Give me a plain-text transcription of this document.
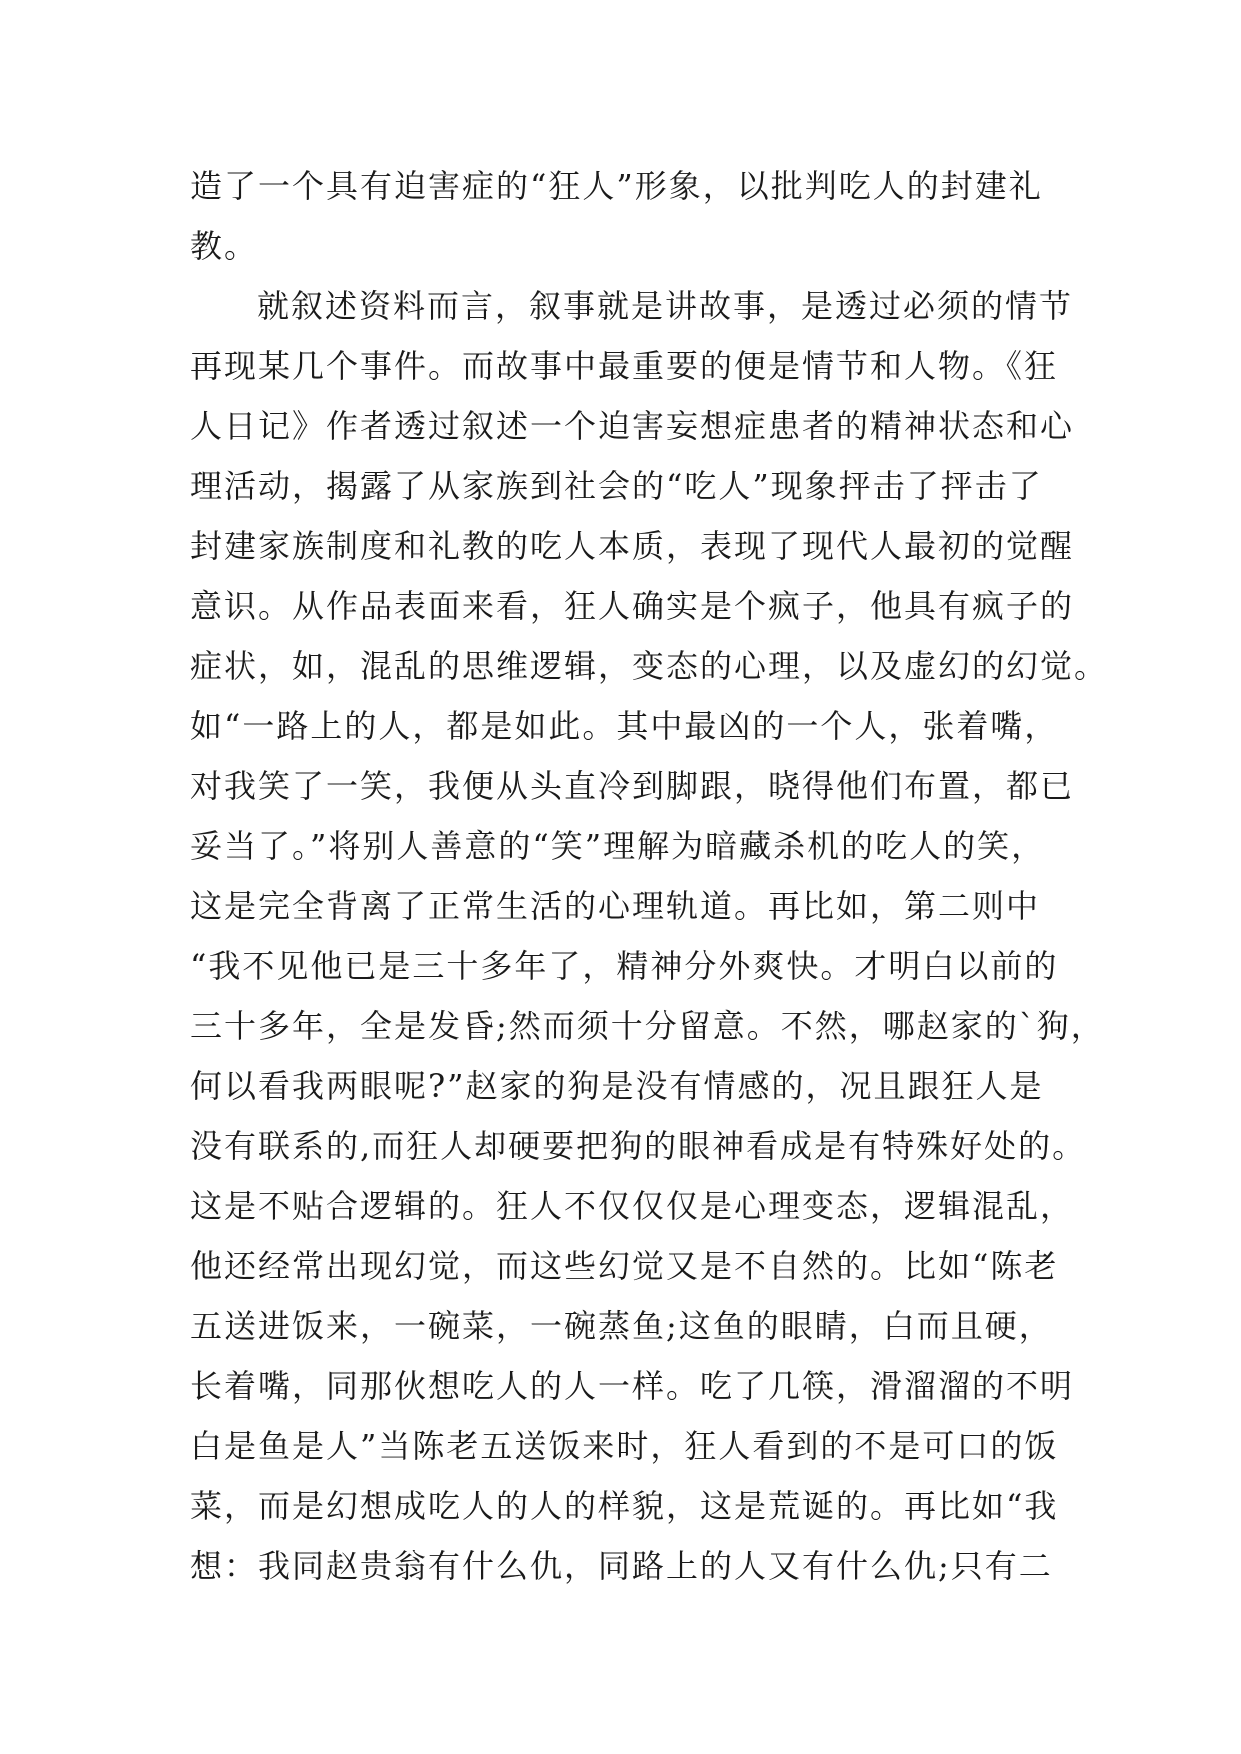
造了一个具有迫害症的“狂人”形象，以批判吃人的封建礼
教。
就叙述资料而言，叙事就是讲故事，是透过必须的情节
再现某几个事件。而故事中最重要的便是情节和人物。《狂
人日记》作者透过叙述一个迫害妄想症患者的精神状态和心
理活动，揭露了从家族到社会的“吃人”现象抨击了抨击了
封建家族制度和礼教的吃人本质，表现了现代人最初的觉醒
意识。从作品表面来看，狂人确实是个疯子，他具有疯子的
症状，如，混乱的思维逻辑，变态的心理，以及虚幻的幻觉。
如“一路上的人，都是如此。其中最凶的一个人，张着嘴，
对我笑了一笑，我便从头直冷到脚跟，晓得他们布置，都已
妥当了。”将别人善意的“笑”理解为暗藏杀机的吃人的笑，
这是完全背离了正常生活的心理轨道。再比如，第二则中
“我不见他已是三十多年了，精神分外爽快。才明白以前的
三十多年，全是发昏;然而须十分留意。不然，哪赵家的`狗，
何以看我两眼呢?”赵家的狗是没有情感的，况且跟狂人是
没有联系的,而狂人却硬要把狗的眼神看成是有特殊好处的。
这是不贴合逻辑的。狂人不仅仅仅是心理变态，逻辑混乱，
他还经常出现幻觉，而这些幻觉又是不自然的。比如“陈老
五送进饭来，一碗菜，一碗蒸鱼;这鱼的眼睛，白而且硬，
长着嘴，同那伙想吃人的人一样。吃了几筷，滑溜溜的不明
白是鱼是人”当陈老五送饭来时，狂人看到的不是可口的饭
菜，而是幻想成吃人的人的样貌，这是荒诞的。再比如“我
想：我同赵贵翁有什么仇，同路上的人又有什么仇;只有二
